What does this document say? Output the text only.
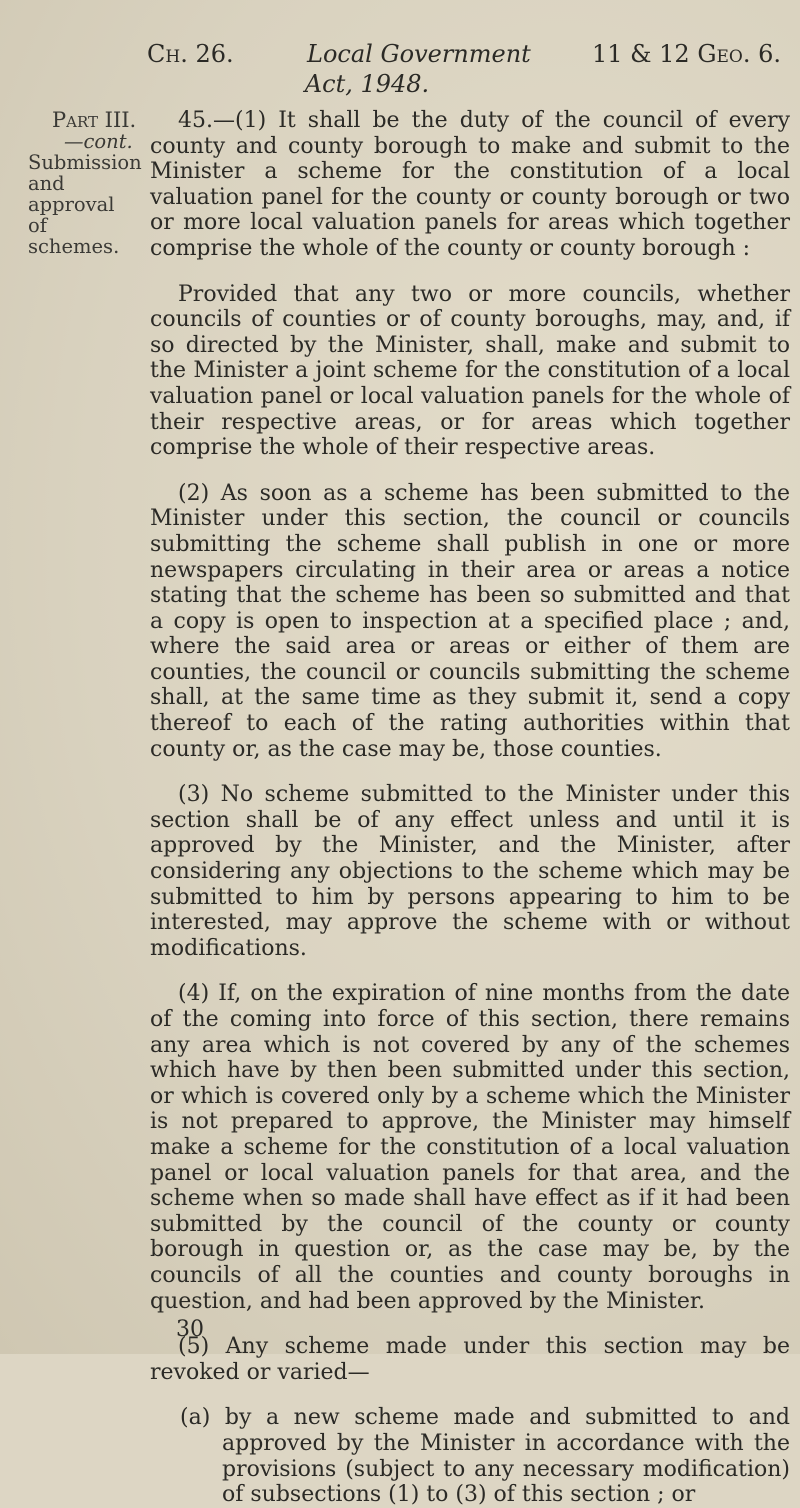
Ch. 26.	Local Government	11 & 12 Geo. 6.
Act, 1948.
Part III.
—cont.
Submission
and approval
of schemes.

45.—(1) It shall be the duty of the council of every county and county borough to make and submit to the Minister a scheme for the constitution of a local valuation panel for the county or county borough or two or more local valuation panels for areas which together comprise the whole of the county or county borough :

Provided that any two or more councils, whether councils of counties or of county boroughs, may, and, if so directed by the Minister, shall, make and submit to the Minister a joint scheme for the constitution of a local valuation panel or local valuation panels for the whole of their respective areas, or for areas which together comprise the whole of their respective areas.

(2) As soon as a scheme has been submitted to the Minister under this section, the council or councils submitting the scheme shall publish in one or more newspapers circulating in their area or areas a notice stating that the scheme has been so submitted and that a copy is open to inspection at a specified place ; and, where the said area or areas or either of them are counties, the council or councils submitting the scheme shall, at the same time as they submit it, send a copy thereof to each of the rating authorities within that county or, as the case may be, those counties.

(3) No scheme submitted to the Minister under this section shall be of any effect unless and until it is approved by the Minister, and the Minister, after considering any objections to the scheme which may be submitted to him by persons appearing to him to be interested, may approve the scheme with or without modifications.

(4) If, on the expiration of nine months from the date of the coming into force of this section, there remains any area which is not covered by any of the schemes which have by then been submitted under this section, or which is covered only by a scheme which the Minister is not prepared to approve, the Minister may himself make a scheme for the constitution of a local valuation panel or local valuation panels for that area, and the scheme when so made shall have effect as if it had been submitted by the council of the county or county borough in question or, as the case may be, by the councils of all the counties and county boroughs in question, and had been approved by the Minister.

(5) Any scheme made under this section may be revoked or varied—

(a) by a new scheme made and submitted to and approved by the Minister in accordance with the provisions (subject to any necessary modification) of subsections (1) to (3) of this section ; or

30
